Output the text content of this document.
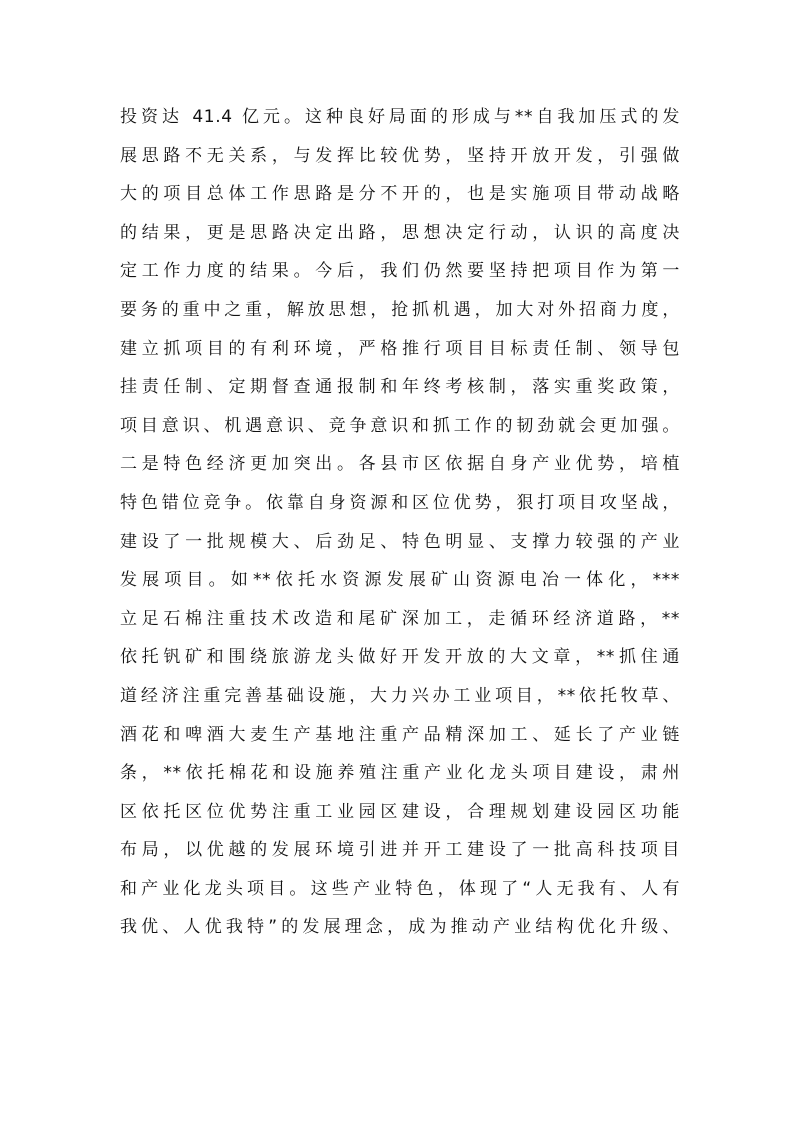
投资达 41.4 亿元。这种良好局面的形成与**自我加压式的发
展思路不无关系，与发挥比较优势，坚持开放开发，引强做
大的项目总体工作思路是分不开的，也是实施项目带动战略
的结果，更是思路决定出路，思想决定行动，认识的高度决
定工作力度的结果。今后，我们仍然要坚持把项目作为第一
要务的重中之重，解放思想，抢抓机遇，加大对外招商力度，
建立抓项目的有利环境，严格推行项目目标责任制、领导包
挂责任制、定期督查通报制和年终考核制，落实重奖政策，
项目意识、机遇意识、竞争意识和抓工作的韧劲就会更加强。
二是特色经济更加突出。各县市区依据自身产业优势，培植
特色错位竞争。依靠自身资源和区位优势，狠打项目攻坚战，
建设了一批规模大、后劲足、特色明显、支撑力较强的产业
发展项目。如**依托水资源发展矿山资源电冶一体化，***
立足石棉注重技术改造和尾矿深加工，走循环经济道路，**
依托钒矿和围绕旅游龙头做好开发开放的大文章，**抓住通
道经济注重完善基础设施，大力兴办工业项目，**依托牧草、
酒花和啤酒大麦生产基地注重产品精深加工、延长了产业链
条，**依托棉花和设施养殖注重产业化龙头项目建设，肃州
区依托区位优势注重工业园区建设，合理规划建设园区功能
布局，以优越的发展环境引进并开工建设了一批高科技项目
和产业化龙头项目。这些产业特色，体现了“人无我有、人有
我优、人优我特”的发展理念，成为推动产业结构优化升级、
